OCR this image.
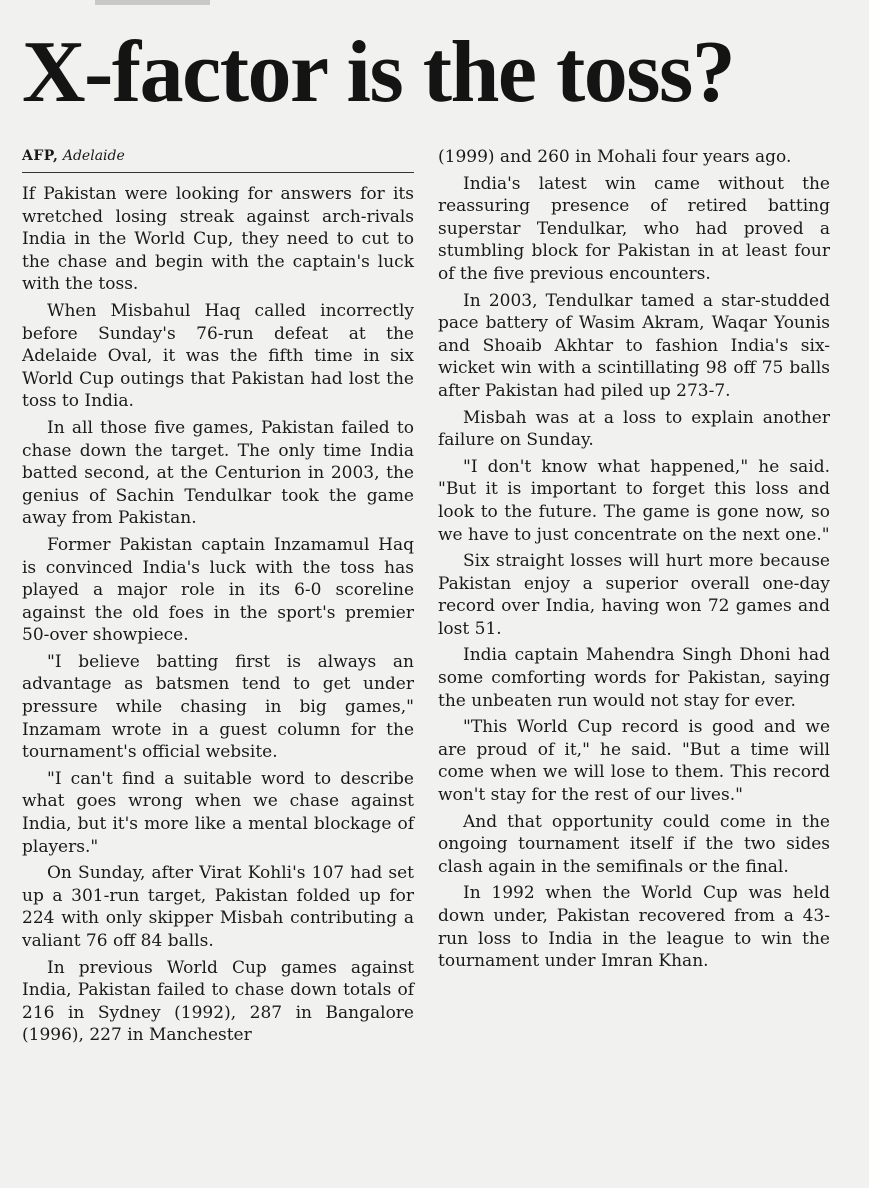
X-factor is the toss?
AFP, Adelaide

If Pakistan were looking for answers for its wretched losing streak against arch-rivals India in the World Cup, they need to cut to the chase and begin with the captain's luck with the toss.

When Misbahul Haq called incorrectly before Sunday's 76-run defeat at the Adelaide Oval, it was the fifth time in six World Cup outings that Pakistan had lost the toss to India.

In all those five games, Pakistan failed to chase down the target. The only time India batted second, at the Centurion in 2003, the genius of Sachin Tendulkar took the game away from Pakistan.

Former Pakistan captain Inzamamul Haq is convinced India's luck with the toss has played a major role in its 6-0 scoreline against the old foes in the sport's premier 50-over showpiece.

"I believe batting first is always an advantage as batsmen tend to get under pressure while chasing in big games," Inzamam wrote in a guest column for the tournament's official website.

"I can't find a suitable word to describe what goes wrong when we chase against India, but it's more like a mental blockage of players."

On Sunday, after Virat Kohli's 107 had set up a 301-run target, Pakistan folded up for 224 with only skipper Misbah contributing a valiant 76 off 84 balls.

In previous World Cup games against India, Pakistan failed to chase down totals of 216 in Sydney (1992), 287 in Bangalore (1996), 227 in Manchester

(1999) and 260 in Mohali four years ago.

India's latest win came without the reassuring presence of retired batting superstar Tendulkar, who had proved a stumbling block for Pakistan in at least four of the five previous encounters.

In 2003, Tendulkar tamed a star-studded pace battery of Wasim Akram, Waqar Younis and Shoaib Akhtar to fashion India's six-wicket win with a scintillating 98 off 75 balls after Pakistan had piled up 273-7.

Misbah was at a loss to explain another failure on Sunday.

"I don't know what happened," he said. "But it is important to forget this loss and look to the future. The game is gone now, so we have to just concentrate on the next one."

Six straight losses will hurt more because Pakistan enjoy a superior overall one-day record over India, having won 72 games and lost 51.

India captain Mahendra Singh Dhoni had some comforting words for Pakistan, saying the unbeaten run would not stay for ever.

"This World Cup record is good and we are proud of it," he said. "But a time will come when we will lose to them. This record won't stay for the rest of our lives."

And that opportunity could come in the ongoing tournament itself if the two sides clash again in the semifinals or the final.

In 1992 when the World Cup was held down under, Pakistan recovered from a 43-run loss to India in the league to win the tournament under Imran Khan.
